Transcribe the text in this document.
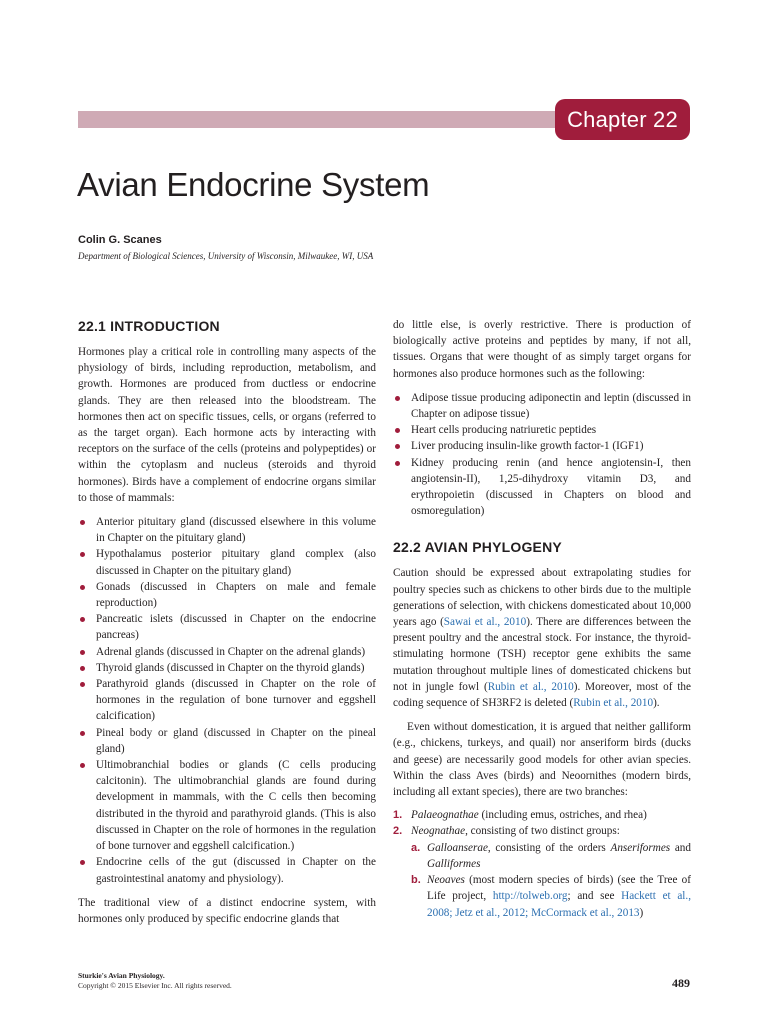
Chapter 22
Avian Endocrine System
Colin G. Scanes
Department of Biological Sciences, University of Wisconsin, Milwaukee, WI, USA
22.1 INTRODUCTION

Hormones play a critical role in controlling many aspects of the physiology of birds, including reproduction, metabolism, and growth. Hormones are produced from ductless or endocrine glands. They are then released into the bloodstream. The hormones then act on specific tissues, cells, or organs (referred to as the target organ). Each hormone acts by interacting with receptors on the surface of the cells (proteins and polypeptides) or within the cytoplasm and nucleus (steroids and thyroid hormones). Birds have a complement of endocrine organs similar to those of mammals:

Anterior pituitary gland (discussed elsewhere in this volume in Chapter on the pituitary gland)
Hypothalamus posterior pituitary gland complex (also discussed in Chapter on the pituitary gland)
Gonads (discussed in Chapters on male and female reproduction)
Pancreatic islets (discussed in Chapter on the endocrine pancreas)
Adrenal glands (discussed in Chapter on the adrenal glands)
Thyroid glands (discussed in Chapter on the thyroid glands)
Parathyroid glands (discussed in Chapter on the role of hormones in the regulation of bone turnover and eggshell calcification)
Pineal body or gland (discussed in Chapter on the pineal gland)
Ultimobranchial bodies or glands (C cells producing calcitonin). The ultimobranchial glands are found during development in mammals, with the C cells then becoming distributed in the thyroid and parathyroid glands. (This is also discussed in Chapter on the role of hormones in the regulation of bone turnover and eggshell calcification.)
Endocrine cells of the gut (discussed in Chapter on the gastrointestinal anatomy and physiology).

The traditional view of a distinct endocrine system, with hormones only produced by specific endocrine glands that

do little else, is overly restrictive. There is production of biologically active proteins and peptides by many, if not all, tissues. Organs that were thought of as simply target organs for hormones also produce hormones such as the following:

Adipose tissue producing adiponectin and leptin (discussed in Chapter on adipose tissue)
Heart cells producing natriuretic peptides
Liver producing insulin-like growth factor-1 (IGF1)
Kidney producing renin (and hence angiotensin-I, then angiotensin-II), 1,25-dihydroxy vitamin D3, and erythropoietin (discussed in Chapters on blood and osmoregulation)
22.2 AVIAN PHYLOGENY

Caution should be expressed about extrapolating studies for poultry species such as chickens to other birds due to the multiple generations of selection, with chickens domesticated about 10,000 years ago (Sawai et al., 2010). There are differences between the present poultry and the ancestral stock. For instance, the thyroid-stimulating hormone (TSH) receptor gene exhibits the same mutation throughout multiple lines of domesticated chickens but not in jungle fowl (Rubin et al., 2010). Moreover, most of the coding sequence of SH3RF2 is deleted (Rubin et al., 2010).

Even without domestication, it is argued that neither galliform (e.g., chickens, turkeys, and quail) nor anseriform birds (ducks and geese) are necessarily good models for other avian species. Within the class Aves (birds) and Neoornithes (modern birds, including all extant species), there are two branches:

1. Palaeognathae (including emus, ostriches, and rhea)
2. Neognathae, consisting of two distinct groups:
a. Galloanserae, consisting of the orders Anseriformes and Galliformes
b. Neoaves (most modern species of birds) (see the Tree of Life project, http://tolweb.org; and see Hackett et al., 2008; Jetz et al., 2012; McCormack et al., 2013)
Sturkie's Avian Physiology.
Copyright © 2015 Elsevier Inc. All rights reserved.	489
